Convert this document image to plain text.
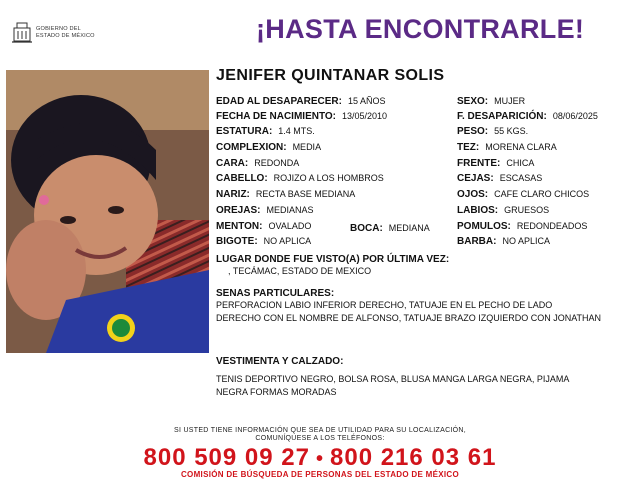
GOBIERNO DEL
ESTADO DE MÉXICO	¡HASTA ENCONTRARLE!
JENIFER QUINTANAR SOLIS
EDAD AL DESAPARECER: 15 AÑOS
FECHA DE NACIMIENTO: 13/05/2010
ESTATURA: 1.4 MTS.
COMPLEXION: MEDIA
CARA: REDONDA
CABELLO: ROJIZO A LOS HOMBROS
NARIZ: RECTA BASE MEDIANA
OREJAS: MEDIANAS
MENTON: OVALADO	BOCA: MEDIANA
BIGOTE: NO APLICA
SEXO: MUJER
F. DESAPARICIÓN: 08/06/2025
PESO: 55 KGS.
TEZ: MORENA CLARA
FRENTE: CHICA
CEJAS: ESCASAS
OJOS: CAFE CLARO CHICOS
LABIOS: GRUESOS
POMULOS: REDONDEADOS
BARBA: NO APLICA
LUGAR DONDE FUE VISTO(A) POR ÚLTIMA VEZ:
, TECÁMAC, ESTADO DE MEXICO
SENAS PARTICULARES:
PERFORACION LABIO INFERIOR DERECHO, TATUAJE EN EL PECHO DE LADO
DERECHO CON EL NOMBRE DE ALFONSO, TATUAJE BRAZO IZQUIERDO CON JONATHAN
VESTIMENTA Y CALZADO:
TENIS DEPORTIVO NEGRO, BOLSA ROSA, BLUSA MANGA LARGA NEGRA, PIJAMA
NEGRA FORMAS MORADAS
SI USTED TIENE INFORMACIÓN QUE SEA DE UTILIDAD PARA SU LOCALIZACIÓN,
COMUNÍQUESE A LOS TELÉFONOS:
800 509 09 27 • 800 216 03 61
COMISIÓN DE BÚSQUEDA DE PERSONAS DEL ESTADO DE MÉXICO
